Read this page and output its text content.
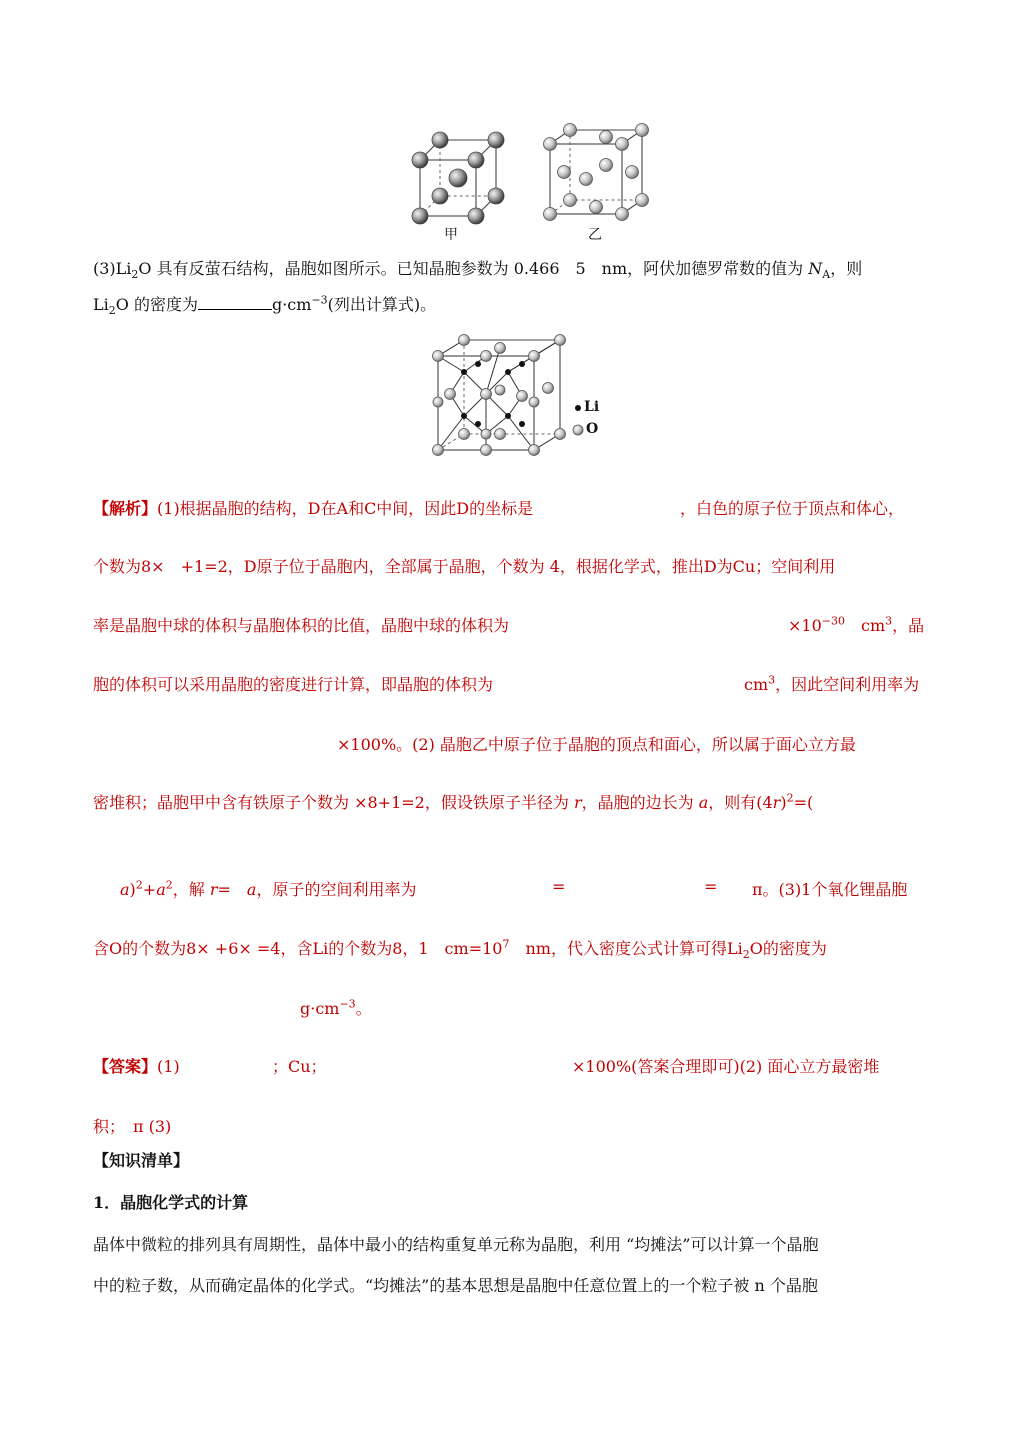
甲	乙
$(3)Li_2O$ 具有反萤石结构，晶胞如图所示。已知晶胞参数为 0.466　5　nm，阿伏加德罗常数的值为 $N_A$，则
$Li_2O$ 的密度为	$g\cdot cm^{-3}$(列出计算式)。
Li
O
【解析】(1)根据晶胞的结构，D在A和C中间，因此D的坐标是	，白色的原子位于顶点和体心，
个数为8×　+1=2，D原子位于晶胞内，全部属于晶胞，个数为 4，根据化学式，推出D为Cu；空间利用
率是晶胞中球的体积与晶胞体积的比值，晶胞中球的体积为	$\times 10^{-30}$　$cm^3$，晶
胞的体积可以采用晶胞的密度进行计算，即晶胞的体积为	$cm^3$，因此空间利用率为
×100%。(2) 晶胞乙中原子位于晶胞的顶点和面心，所以属于面心立方最
密堆积；晶胞甲中含有铁原子个数为 ×8+1=2，假设铁原子半径为 r，晶胞的边长为 a，则有$(4r)^2=$(
$a)^2+a^2$，解 r=　a，原子的空间利用率为	=	= π。(3)1个氧化锂晶胞
含O的个数为8× +6× =4，含Li的个数为8，1　$cm=10^7$　nm，代入密度公式计算可得$Li_2O$的密度为
$g\cdot cm^{-3}$。
【答案】(1)	；Cu；	×100%(答案合理即可)(2) 面心立方最密堆
积；　π (3)
【知识清单】
1．晶胞化学式的计算
晶体中微粒的排列具有周期性，晶体中最小的结构重复单元称为晶胞，利用 “均摊法”可以计算一个晶胞
中的粒子数，从而确定晶体的化学式。“均摊法”的基本思想是晶胞中任意位置上的一个粒子被 n 个晶胞
